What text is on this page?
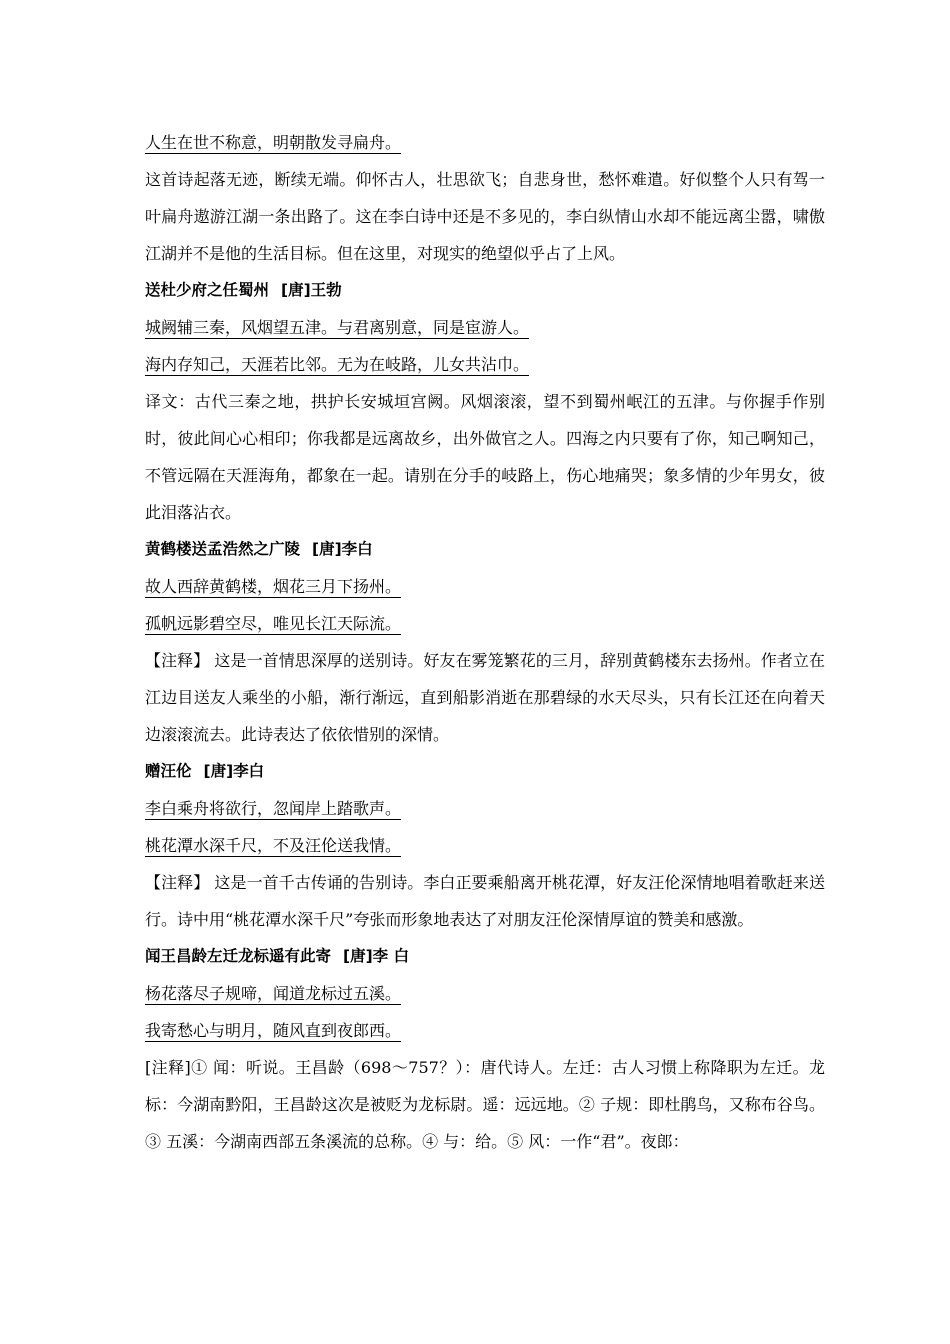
人生在世不称意，明朝散发寻扁舟。

这首诗起落无迹，断续无端。仰怀古人，壮思欲飞；自悲身世，愁怀难遣。好似整个人只有驾一叶扁舟遨游江湖一条出路了。这在李白诗中还是不多见的，李白纵情山水却不能远离尘嚣，啸傲江湖并不是他的生活目标。但在这里，对现实的绝望似乎占了上风。

送杜少府之任蜀州 [唐]王勃

城阙辅三秦，风烟望五津。与君离别意，同是宦游人。

海内存知己，天涯若比邻。无为在岐路，儿女共沾巾。

译文：古代三秦之地，拱护长安城垣宫阙。风烟滚滚，望不到蜀州岷江的五津。与你握手作别时，彼此间心心相印；你我都是远离故乡，出外做官之人。四海之内只要有了你，知己啊知己，不管远隔在天涯海角，都象在一起。请别在分手的岐路上，伤心地痛哭；象多情的少年男女，彼此泪落沾衣。

黄鹤楼送孟浩然之广陵 [唐]李白

故人西辞黄鹤楼，烟花三月下扬州。

孤帆远影碧空尽，唯见长江天际流。

【注释】 这是一首情思深厚的送别诗。好友在雾笼繁花的三月，辞别黄鹤楼东去扬州。作者立在江边目送友人乘坐的小船，渐行渐远，直到船影消逝在那碧绿的水天尽头，只有长江还在向着天边滚滚流去。此诗表达了依依惜别的深情。

赠汪伦 [唐]李白

李白乘舟将欲行，忽闻岸上踏歌声。

桃花潭水深千尺，不及汪伦送我情。

【注释】 这是一首千古传诵的告别诗。李白正要乘船离开桃花潭，好友汪伦深情地唱着歌赶来送行。诗中用“桃花潭水深千尺”夸张而形象地表达了对朋友汪伦深情厚谊的赞美和感激。

闻王昌龄左迁龙标遥有此寄 [唐]李 白

杨花落尽子规啼，闻道龙标过五溪。

我寄愁心与明月，随风直到夜郎西。

[注释]① 闻：听说。王昌龄（698～757？）：唐代诗人。左迁：古人习惯上称降职为左迁。龙标：今湖南黔阳，王昌龄这次是被贬为龙标尉。遥：远远地。② 子规：即杜鹃鸟，又称布谷鸟。③ 五溪：今湖南西部五条溪流的总称。④ 与：给。⑤ 风：一作“君”。夜郎：
